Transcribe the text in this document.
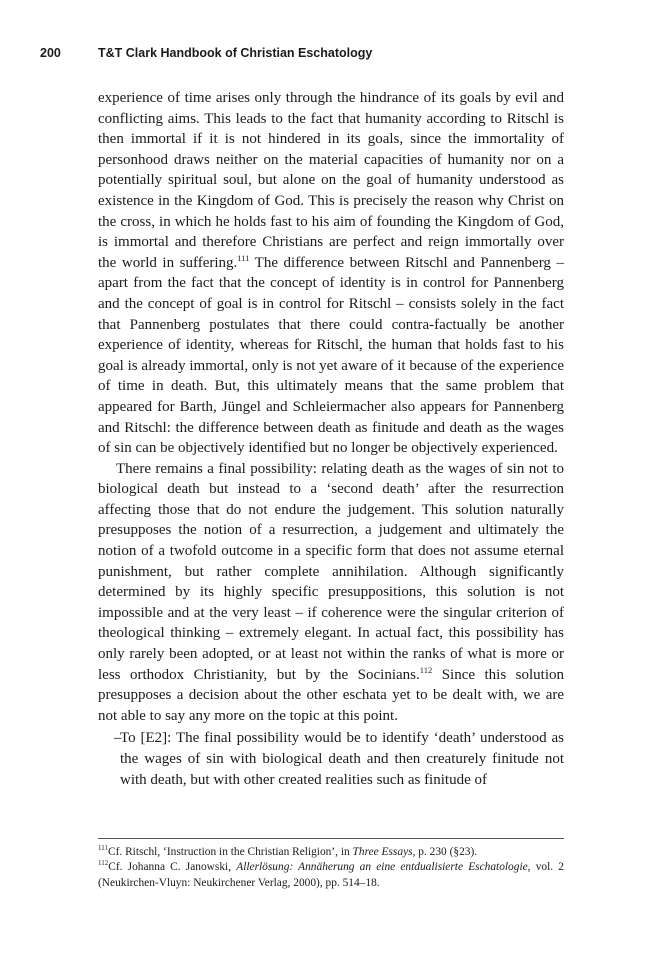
200	T&T Clark Handbook of Christian Eschatology

experience of time arises only through the hindrance of its goals by evil and conflicting aims. This leads to the fact that humanity according to Ritschl is then immortal if it is not hindered in its goals, since the immortality of personhood draws neither on the material capacities of humanity nor on a potentially spiritual soul, but alone on the goal of humanity understood as existence in the Kingdom of God. This is precisely the reason why Christ on the cross, in which he holds fast to his aim of founding the Kingdom of God, is immortal and therefore Christians are perfect and reign immortally over the world in suffering.$^{111}$ The difference between Ritschl and Pannenberg – apart from the fact that the concept of identity is in control for Pannenberg and the concept of goal is in control for Ritschl – consists solely in the fact that Pannenberg postulates that there could contra-factually be another experience of identity, whereas for Ritschl, the human that holds fast to his goal is already immortal, only is not yet aware of it because of the experience of time in death. But, this ultimately means that the same problem that appeared for Barth, Jüngel and Schleiermacher also appears for Pannenberg and Ritschl: the difference between death as finitude and death as the wages of sin can be objectively identified but no longer be objectively experienced.

There remains a final possibility: relating death as the wages of sin not to biological death but instead to a ‘second death’ after the resurrection affecting those that do not endure the judgement. This solution naturally presupposes the notion of a resurrection, a judgement and ultimately the notion of a twofold outcome in a specific form that does not assume eternal punishment, but rather complete annihilation. Although significantly determined by its highly specific presuppositions, this solution is not impossible and at the very least – if coherence were the singular criterion of theological thinking – extremely elegant. In actual fact, this possibility has only rarely been adopted, or at least not within the ranks of what is more or less orthodox Christianity, but by the Socinians.$^{112}$ Since this solution presupposes a decision about the other eschata yet to be dealt with, we are not able to say any more on the topic at this point.

–
To [E2]: The final possibility would be to identify ‘death’ understood as the wages of sin with biological death and then creaturely finitude not with death, but with other created realities such as finitude of

$^{111}$Cf. Ritschl, ‘Instruction in the Christian Religion’, in Three Essays, p. 230 (§23).

$^{112}$Cf. Johanna C. Janowski, Allerlösung: Annäherung an eine entdualisierte Eschatologie, vol. 2 (Neukirchen-Vluyn: Neukirchener Verlag, 2000), pp. 514–18.
